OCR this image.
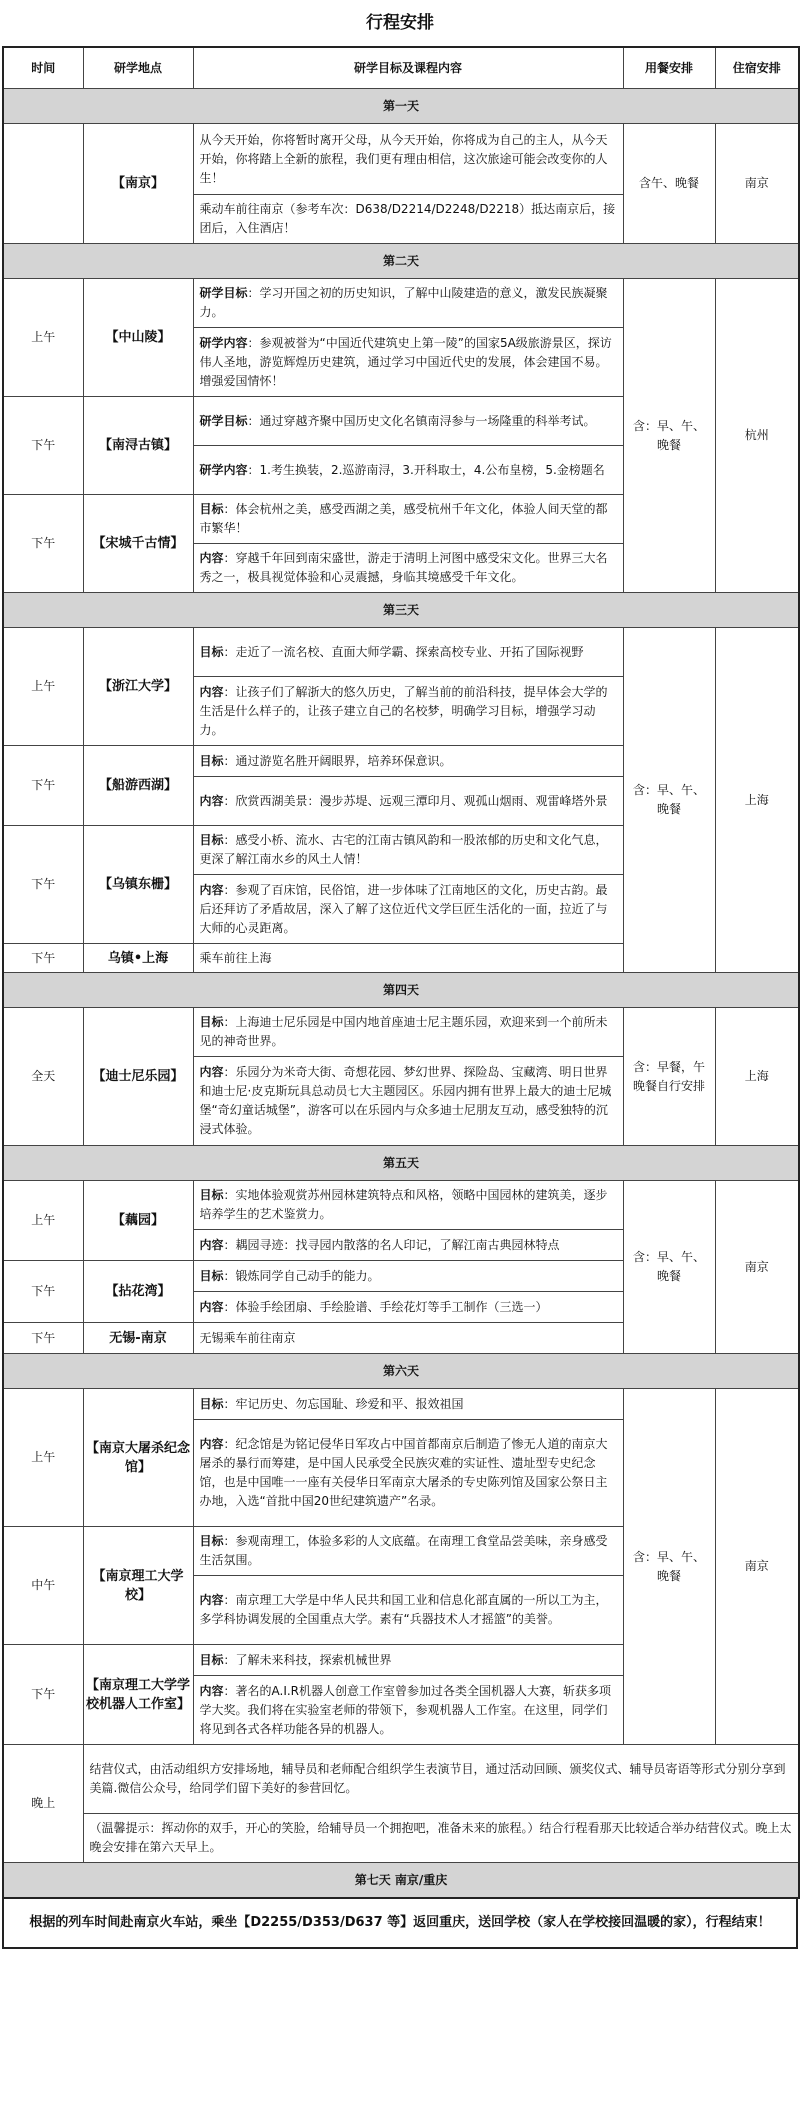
行程安排
时间	研学地点	研学目标及课程内容	用餐安排	住宿安排
第一天				
	【南京】	从今天开始，你将暂时离开父母，从今天开始，你将成为自己的主人，从今天开始，你将踏上全新的旅程，我们更有理由相信，这次旅途可能会改变你的人生！	含午、晚餐	南京
		乘动车前往南京（参考车次：D638/D2214/D2248/D2218）抵达南京后，接团后，入住酒店！		
第二天				
上午	【中山陵】	研学目标：学习开国之初的历史知识，了解中山陵建造的意义，激发民族凝聚力。	含：早、午、晚餐	杭州
		研学内容：参观被誉为“中国近代建筑史上第一陵”的国家5A级旅游景区，探访伟人圣地，游览辉煌历史建筑，通过学习中国近代史的发展，体会建国不易。增强爱国情怀！		
下午	【南浔古镇】	研学目标：通过穿越齐聚中国历史文化名镇南浔参与一场隆重的科举考试。		
		研学内容：1.考生换装，2.巡游南浔，3.开科取士，4.公布皇榜，5.金榜题名		
下午	【宋城千古情】	目标：体会杭州之美，感受西湖之美，感受杭州千年文化，体验人间天堂的都市繁华！		
		内容：穿越千年回到南宋盛世，游走于清明上河图中感受宋文化。世界三大名秀之一，极具视觉体验和心灵震撼，身临其境感受千年文化。		
第三天				
上午	【浙江大学】	目标：走近了一流名校、直面大师学霸、探索高校专业、开拓了国际视野	含：早、午、晚餐	上海
		内容：让孩子们了解浙大的悠久历史，了解当前的前沿科技，提早体会大学的生活是什么样子的，让孩子建立自己的名校梦，明确学习目标，增强学习动力。		
下午	【船游西湖】	目标：通过游览名胜开阔眼界，培养环保意识。		
		内容：欣赏西湖美景：漫步苏堤、远观三潭印月、观孤山烟雨、观雷峰塔外景		
下午	【乌镇东栅】	目标：感受小桥、流水、古宅的江南古镇风韵和一股浓郁的历史和文化气息，更深了解江南水乡的风土人情！		
		内容：参观了百床馆，民俗馆，进一步体味了江南地区的文化，历史古韵。最后还拜访了矛盾故居，深入了解了这位近代文学巨匠生活化的一面，拉近了与大师的心灵距离。		
下午	乌镇•上海	乘车前往上海		
第四天				
全天	【迪士尼乐园】	目标：上海迪士尼乐园是中国内地首座迪士尼主题乐园，欢迎来到一个前所未见的神奇世界。	含：早餐，午晚餐自行安排	上海
		内容：乐园分为米奇大街、奇想花园、梦幻世界、探险岛、宝藏湾、明日世界和迪士尼·皮克斯玩具总动员七大主题园区。乐园内拥有世界上最大的迪士尼城堡“奇幻童话城堡”，游客可以在乐园内与众多迪士尼朋友互动，感受独特的沉浸式体验。		
第五天				
上午	【藕园】	目标：实地体验观赏苏州园林建筑特点和风格，领略中国园林的建筑美，逐步培养学生的艺术鉴赏力。	含：早、午、晚餐	南京
		内容：耦园寻迹：找寻园内散落的名人印记，了解江南古典园林特点		
下午	【拈花湾】	目标：锻炼同学自己动手的能力。		
		内容：体验手绘团扇、手绘脸谱、手绘花灯等手工制作（三选一）		
下午	无锡-南京	无锡乘车前往南京		
第六天				
上午	【南京大屠杀纪念馆】	目标：牢记历史、勿忘国耻、珍爱和平、报效祖国	含：早、午、晚餐	南京
		内容：纪念馆是为铭记侵华日军攻占中国首都南京后制造了惨无人道的南京大屠杀的暴行而筹建，是中国人民承受全民族灾难的实证性、遗址型专史纪念馆，也是中国唯一一座有关侵华日军南京大屠杀的专史陈列馆及国家公祭日主办地，入选“首批中国20世纪建筑遗产”名录。		
中午	【南京理工大学校】	目标：参观南理工，体验多彩的人文底蕴。在南理工食堂品尝美味，亲身感受生活氛围。		
		内容：南京理工大学是中华人民共和国工业和信息化部直属的一所以工为主，多学科协调发展的全国重点大学。素有“兵器技术人才摇篮”的美誉。		
下午	【南京理工大学学校机器人工作室】	目标：了解未来科技，探索机械世界		
		内容：著名的A.I.R机器人创意工作室曾参加过各类全国机器人大赛，斩获多项学大奖。我们将在实验室老师的带领下，参观机器人工作室。在这里，同学们将见到各式各样功能各异的机器人。		
晚上	结营仪式，由活动组织方安排场地，辅导员和老师配合组织学生表演节目，通过活动回顾、颁奖仪式、辅导员寄语等形式分别分享到美篇.微信公众号，给同学们留下美好的参营回忆。			
	（温馨提示：挥动你的双手，开心的笑脸，给辅导员一个拥抱吧，准备未来的旅程。）结合行程看那天比较适合举办结营仪式。晚上太晚会安排在第六天早上。			
第七天 南京/重庆				
根据的列车时间赴南京火车站，乘坐【D2255/D353/D637 等】返回重庆，送回学校（家人在学校接回温暖的家），行程结束！
